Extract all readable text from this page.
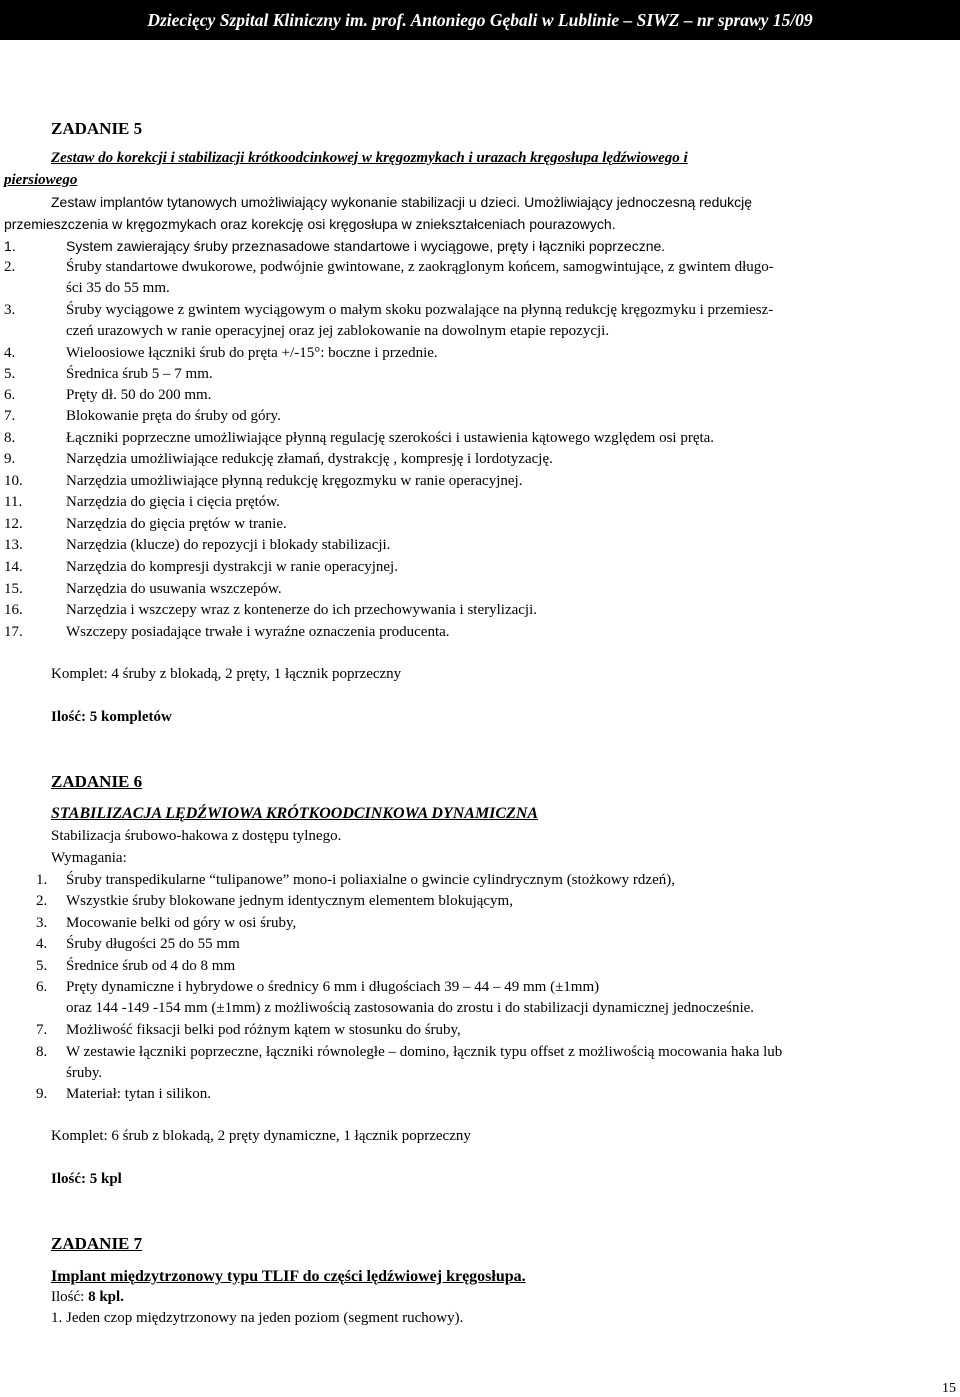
Dziecięcy Szpital Kliniczny im. prof. Antoniego Gębali w Lublinie – SIWZ – nr sprawy 15/09
ZADANIE 5
Zestaw do korekcji i stabilizacji krótkoodcinkowej w kręgozmykach i urazach kręgosłupa lędźwiowego i
piersiowego
Zestaw implantów tytanowych umożliwiający wykonanie stabilizacji u dzieci. Umożliwiający jednoczesną redukcję
przemieszczenia w kręgozmykach oraz korekcję osi kręgosłupa w zniekształceniach pourazowych.
1.	System zawierający śruby przeznasadowe standartowe i wyciągowe, pręty i łączniki poprzeczne.
2.	Śruby standartowe dwukorowe, podwójnie gwintowane, z zaokrąglonym końcem, samogwintujące, z gwintem długo-
ści 35 do 55 mm.
3.	Śruby wyciągowe z gwintem wyciągowym o małym skoku pozwalające na płynną redukcję kręgozmyku i przemiesz-
czeń urazowych w ranie operacyjnej oraz jej zablokowanie na dowolnym etapie repozycji.
4.	Wieloosiowe łączniki śrub do pręta +/-15°: boczne i przednie.
5.	Średnica śrub 5 – 7 mm.
6.	Pręty dł. 50 do 200 mm.
7.	Blokowanie pręta do śruby od góry.
8.	Łączniki poprzeczne umożliwiające płynną regulację szerokości i ustawienia kątowego względem osi pręta.
9.	Narzędzia umożliwiające redukcję złamań, dystrakcję , kompresję i lordotyzację.
10.	Narzędzia umożliwiające płynną redukcję kręgozmyku w ranie operacyjnej.
11.	Narzędzia do gięcia i cięcia prętów.
12.	Narzędzia do gięcia prętów w tranie.
13.	Narzędzia (klucze) do repozycji i blokady stabilizacji.
14.	Narzędzia do kompresji dystrakcji w ranie operacyjnej.
15.	Narzędzia do usuwania wszczepów.
16.	Narzędzia i wszczepy wraz z kontenerze do ich przechowywania i sterylizacji.
17.	Wszczepy posiadające trwałe i wyraźne oznaczenia producenta.
Komplet: 4 śruby z blokadą, 2 pręty, 1 łącznik poprzeczny
Ilość: 5 kompletów
ZADANIE 6
STABILIZACJA LĘDŹWIOWA KRÓTKOODCINKOWA DYNAMICZNA
Stabilizacja śrubowo-hakowa z dostępu tylnego.
Wymagania:
1. Śruby transpedikularne “tulipanowe” mono-i poliaxialne o gwincie cylindrycznym (stożkowy rdzeń),
2. Wszystkie śruby blokowane jednym identycznym elementem blokującym,
3. Mocowanie belki od góry w osi śruby,
4. Śruby długości 25 do 55 mm
5. Średnice śrub od 4 do 8 mm
6. Pręty dynamiczne i hybrydowe o średnicy 6 mm i długościach 39 – 44 – 49 mm (±1mm)
oraz 144 -149 -154 mm (±1mm) z możliwością zastosowania do zrostu i do stabilizacji dynamicznej jednocześnie.
7. Możliwość fiksacji belki pod różnym kątem w stosunku do śruby,
8. W zestawie łączniki poprzeczne, łączniki równoległe – domino, łącznik typu offset z możliwością mocowania haka lub
śruby.
9. Materiał: tytan i silikon.
Komplet: 6 śrub z blokadą, 2 pręty dynamiczne, 1 łącznik poprzeczny
Ilość: 5 kpl
ZADANIE 7
Implant międzytrzonowy typu TLIF do części lędźwiowej kręgosłupa.
Ilość: 8 kpl.
1. Jeden czop międzytrzonowy na jeden poziom (segment ruchowy).
15
